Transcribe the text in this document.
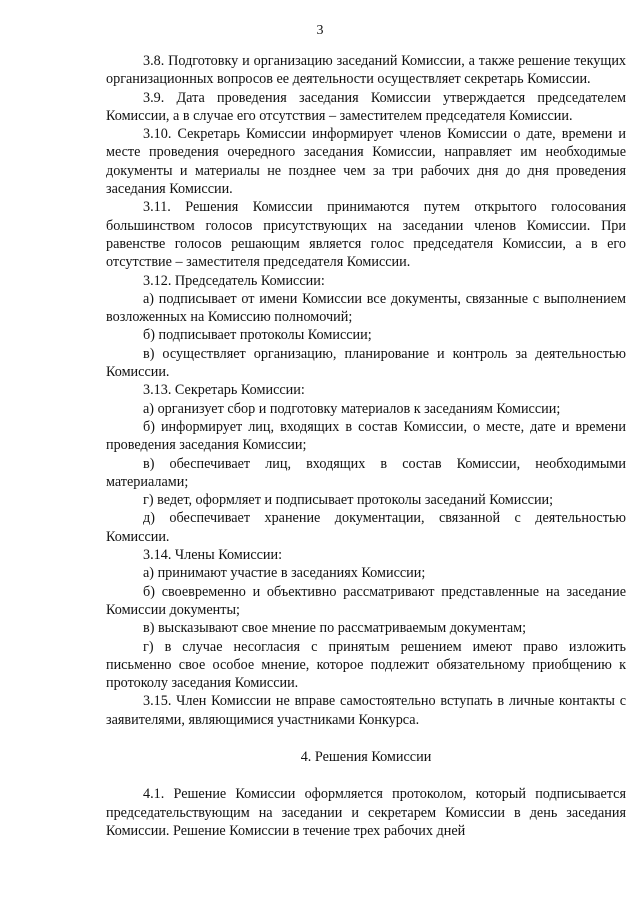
3

3.8. Подготовку и организацию заседаний Комиссии, а также решение текущих организационных вопросов ее деятельности осуществляет секретарь Комиссии.

3.9. Дата проведения заседания Комиссии утверждается председателем Комиссии, а в случае его отсутствия – заместителем председателя Комиссии.

3.10. Секретарь Комиссии информирует членов Комиссии о дате, времени и месте проведения очередного заседания Комиссии, направляет им необходимые документы и материалы не позднее чем за три рабочих дня до дня проведения заседания Комиссии.

3.11. Решения Комиссии принимаются путем открытого голосования большинством голосов присутствующих на заседании членов Комиссии. При равенстве голосов решающим является голос председателя Комиссии, а в его отсутствие – заместителя председателя Комиссии.

3.12. Председатель Комиссии:

а) подписывает от имени Комиссии все документы, связанные с выполнением возложенных на Комиссию полномочий;

б) подписывает протоколы Комиссии;

в) осуществляет организацию, планирование и контроль за деятельностью Комиссии.

3.13. Секретарь Комиссии:

а) организует сбор и подготовку материалов к заседаниям Комиссии;

б) информирует лиц, входящих в состав Комиссии, о месте, дате и времени проведения заседания Комиссии;

в) обеспечивает лиц, входящих в состав Комиссии, необходимыми материалами;

г) ведет, оформляет и подписывает протоколы заседаний Комиссии;

д) обеспечивает хранение документации, связанной с деятельностью Комиссии.

3.14. Члены Комиссии:

а) принимают участие в заседаниях Комиссии;

б) своевременно и объективно рассматривают представленные на заседание Комиссии документы;

в) высказывают свое мнение по рассматриваемым документам;

г) в случае несогласия с принятым решением имеют право изложить письменно свое особое мнение, которое подлежит обязательному приобщению к протоколу заседания Комиссии.

3.15. Член Комиссии не вправе самостоятельно вступать в личные контакты с заявителями, являющимися участниками Конкурса.

4. Решения Комиссии

4.1. Решение Комиссии оформляется протоколом, который подписывается председательствующим на заседании и секретарем Комиссии в день заседания Комиссии. Решение Комиссии в течение трех рабочих дней
